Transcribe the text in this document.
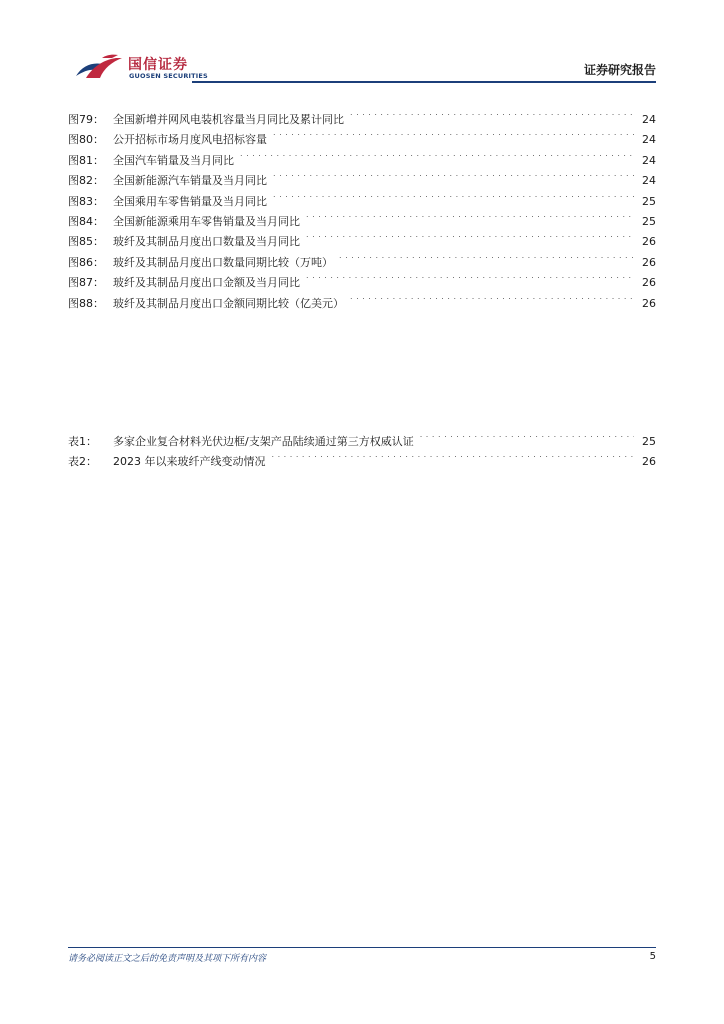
国信证券
GUOSEN SECURITIES	证券研究报告
图79： 全国新增并网风电装机容量当月同比及累计同比 . . .	24
图80： 公开招标市场月度风电招标容量 . . .	24
图81： 全国汽车销量及当月同比 . . .	24
图82： 全国新能源汽车销量及当月同比 . . .	24
图83： 全国乘用车零售销量及当月同比 . . .	25
图84： 全国新能源乘用车零售销量及当月同比 . . .	25
图85： 玻纤及其制品月度出口数量及当月同比 . . .	26
图86： 玻纤及其制品月度出口数量同期比较（万吨） . . .	26
图87： 玻纤及其制品月度出口金额及当月同比 . . .	26
图88： 玻纤及其制品月度出口金额同期比较（亿美元） . . .	26
表1：	多家企业复合材料光伏边框/支架产品陆续通过第三方权威认证 . . .	25
表2：	2023 年以来玻纤产线变动情况 . . .	26
请务必阅读正文之后的免责声明及其项下所有内容	5
